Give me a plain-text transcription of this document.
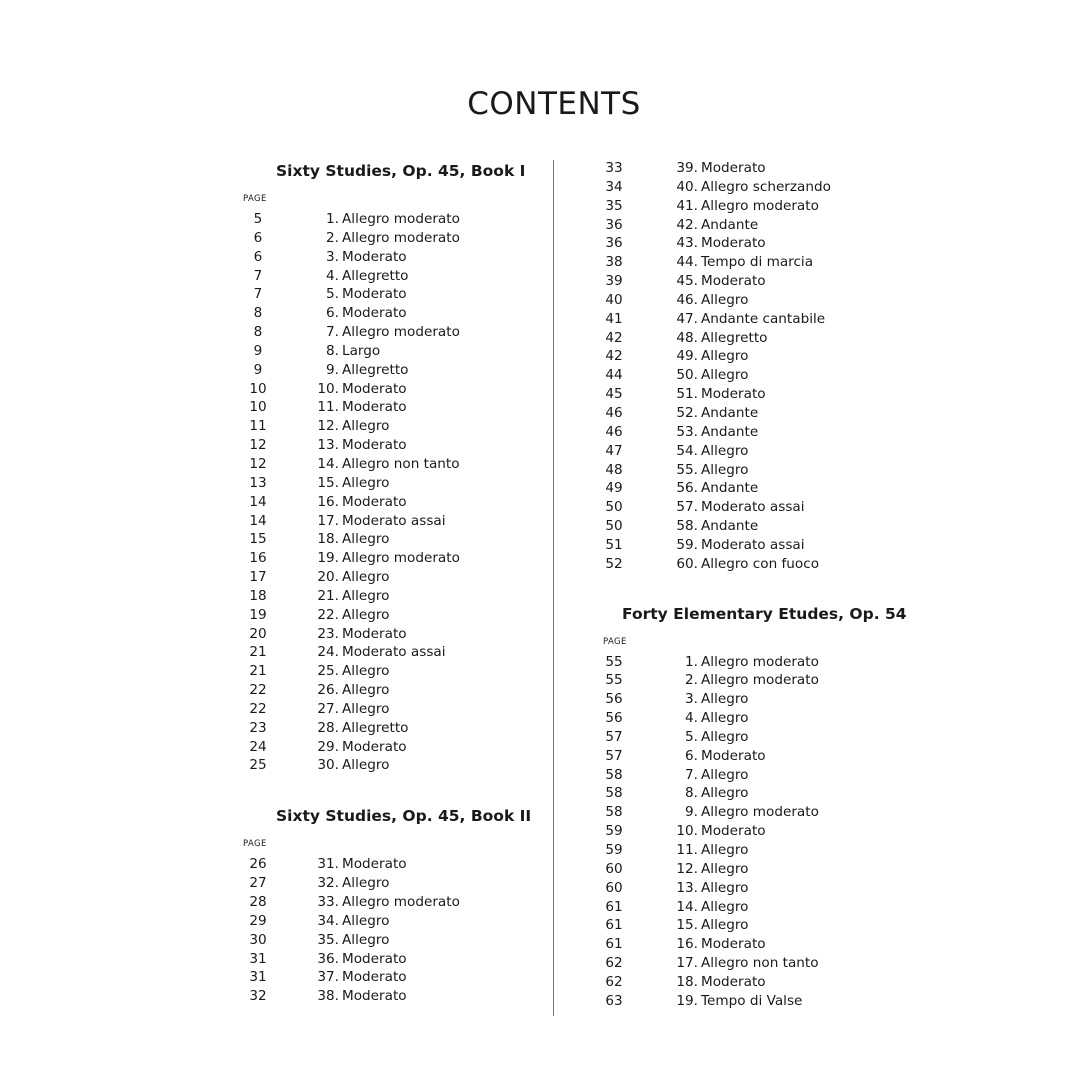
CONTENTS
Sixty Studies, Op. 45, Book I
PAGE
5	1. Allegro moderato
6	2. Allegro moderato
6	3. Moderato
7	4. Allegretto
7	5. Moderato
8	6. Moderato
8	7. Allegro moderato
9	8. Largo
9	9. Allegretto
10	10. Moderato
10	11. Moderato
11	12. Allegro
12	13. Moderato
12	14. Allegro non tanto
13	15. Allegro
14	16. Moderato
14	17. Moderato assai
15	18. Allegro
16	19. Allegro moderato
17	20. Allegro
18	21. Allegro
19	22. Allegro
20	23. Moderato
21	24. Moderato assai
21	25. Allegro
22	26. Allegro
22	27. Allegro
23	28. Allegretto
24	29. Moderato
25	30. Allegro
Sixty Studies, Op. 45, Book II
PAGE
26	31. Moderato
27	32. Allegro
28	33. Allegro moderato
29	34. Allegro
30	35. Allegro
31	36. Moderato
31	37. Moderato
32	38. Moderato
33	39. Moderato
34	40. Allegro scherzando
35	41. Allegro moderato
36	42. Andante
36	43. Moderato
38	44. Tempo di marcia
39	45. Moderato
40	46. Allegro
41	47. Andante cantabile
42	48. Allegretto
42	49. Allegro
44	50. Allegro
45	51. Moderato
46	52. Andante
46	53. Andante
47	54. Allegro
48	55. Allegro
49	56. Andante
50	57. Moderato assai
50	58. Andante
51	59. Moderato assai
52	60. Allegro con fuoco
Forty Elementary Etudes, Op. 54
PAGE
55	1. Allegro moderato
55	2. Allegro moderato
56	3. Allegro
56	4. Allegro
57	5. Allegro
57	6. Moderato
58	7. Allegro
58	8. Allegro
58	9. Allegro moderato
59	10. Moderato
59	11. Allegro
60	12. Allegro
60	13. Allegro
61	14. Allegro
61	15. Allegro
61	16. Moderato
62	17. Allegro non tanto
62	18. Moderato
63	19. Tempo di Valse
